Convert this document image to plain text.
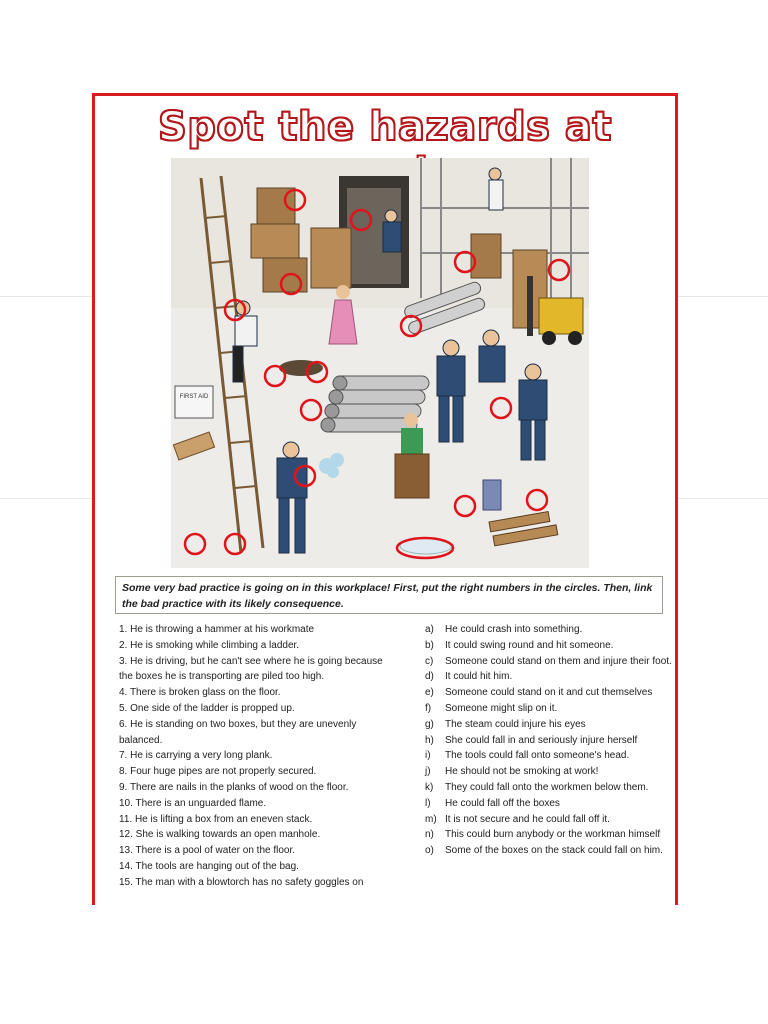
Spot the hazards at
FIRST AID
Some very bad practice is going on in this workplace! First, put the right numbers in the circles. Then, link the bad practice with its likely consequence.

1. He is throwing a hammer at his workmate

2. He is smoking while climbing a ladder.

3. He is driving, but he can't see where he is going because the boxes he is transporting are piled too high.

4. There is broken glass on the floor.

5. One side of the ladder is propped up.

6. He is standing on two boxes, but they are unevenly balanced.

7. He is carrying a very long plank.

8. Four huge pipes are not properly secured.

9. There are nails in the planks of wood on the floor.

10. There is an unguarded flame.

11. He is lifting a box from an eneven stack.

12. She is walking towards an open manhole.

13. There is a pool of water on the floor.

14. The tools are hanging out of the bag.

15. The man with a blowtorch has no safety goggles on

a)	He could crash into something.
b)	It could swing round and hit someone.
c)	Someone could stand on them and injure their foot.
d)	It could hit him.
e)	Someone could stand on it and cut themselves
f)	Someone might slip on it.
g)	The steam could injure his eyes
h)	She could fall in and seriously injure herself
i)	The tools could fall onto someone's head.
j)	He should not be smoking at work!
k)	They could fall onto the workmen below them.
l)	He could fall off the boxes
m) It is not secure and he could fall off it.
n)	This could burn anybody or the workman himself
o)	Some of the boxes on the stack could fall on him.
